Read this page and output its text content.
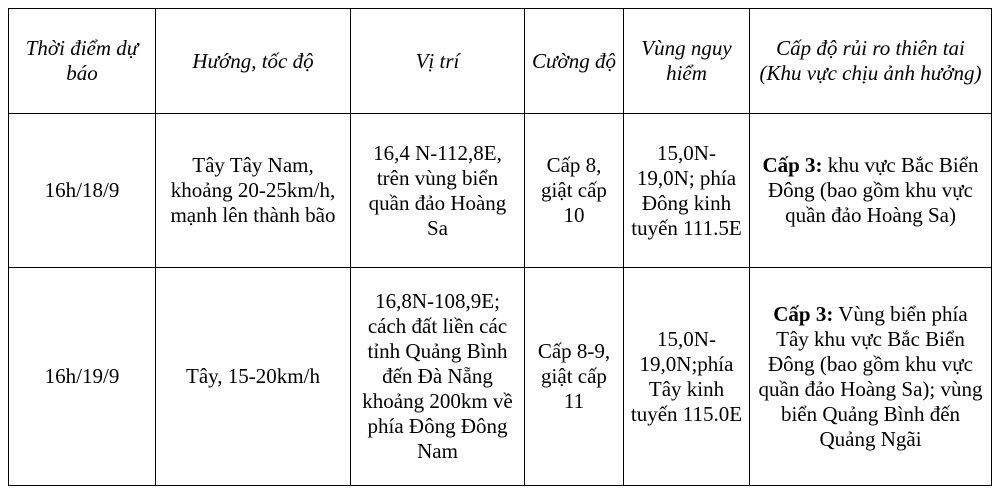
Thời điểm dự báo	Hướng, tốc độ	Vị trí	Cường độ	Vùng nguy hiểm	Cấp độ rủi ro thiên tai (Khu vực chịu ảnh hưởng)
16h/18/9	Tây Tây Nam, khoảng 20-25km/h, mạnh lên thành bão	16,4 N-112,8E, trên vùng biển quần đảo Hoàng Sa	Cấp 8, giật cấp 10	15,0N-19,0N; phía Đông kinh tuyến 111.5E	Cấp 3: khu vực Bắc Biển Đông (bao gồm khu vực quần đảo Hoàng Sa)
16h/19/9	Tây, 15-20km/h	16,8N-108,9E; cách đất liền các tỉnh Quảng Bình đến Đà Nẵng khoảng 200km về phía Đông Đông Nam	Cấp 8-9, giật cấp 11	15,0N-19,0N;phía Tây kinh tuyến 115.0E	Cấp 3: Vùng biển phía Tây khu vực Bắc Biển Đông (bao gồm khu vực quần đảo Hoàng Sa); vùng biển Quảng Bình đến Quảng Ngãi
